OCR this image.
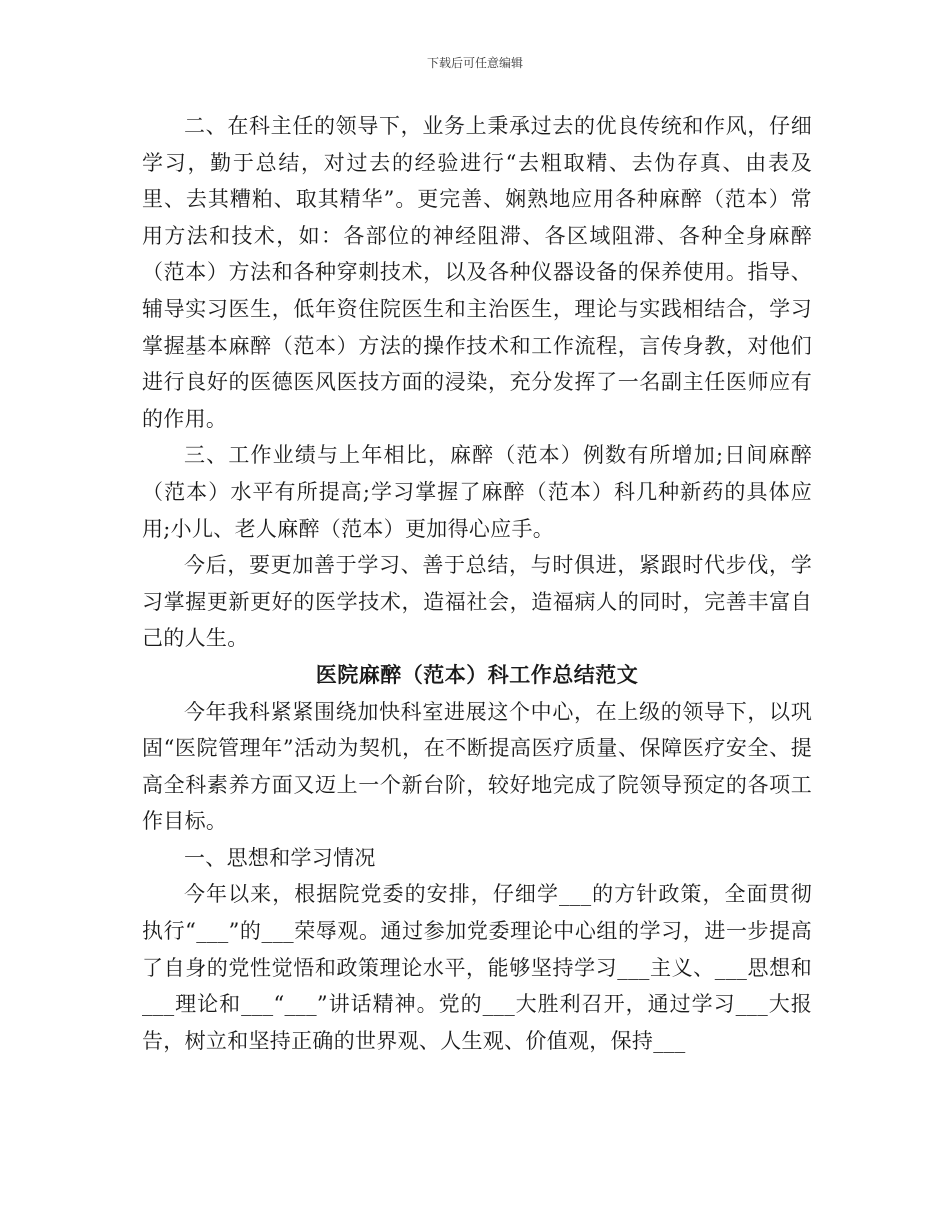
下载后可任意编辑

二、在科主任的领导下，业务上秉承过去的优良传统和作风，仔细学习，勤于总结，对过去的经验进行“去粗取精、去伪存真、由表及里、去其糟粕、取其精华”。更完善、娴熟地应用各种麻醉（范本）常用方法和技术，如：各部位的神经阻滞、各区域阻滞、各种全身麻醉（范本）方法和各种穿刺技术，以及各种仪器设备的保养使用。指导、辅导实习医生，低年资住院医生和主治医生，理论与实践相结合，学习掌握基本麻醉（范本）方法的操作技术和工作流程，言传身教，对他们进行良好的医德医风医技方面的浸染，充分发挥了一名副主任医师应有的作用。

三、工作业绩与上年相比，麻醉（范本）例数有所增加;日间麻醉（范本）水平有所提高;学习掌握了麻醉（范本）科几种新药的具体应用;小儿、老人麻醉（范本）更加得心应手。

今后，要更加善于学习、善于总结，与时俱进，紧跟时代步伐，学习掌握更新更好的医学技术，造福社会，造福病人的同时，完善丰富自己的人生。

医院麻醉（范本）科工作总结范文

今年我科紧紧围绕加快科室进展这个中心，在上级的领导下，以巩固“医院管理年”活动为契机，在不断提高医疗质量、保障医疗安全、提高全科素养方面又迈上一个新台阶，较好地完成了院领导预定的各项工作目标。

一、思想和学习情况

今年以来，根据院党委的安排，仔细学___的方针政策，全面贯彻执行“___”的___荣辱观。通过参加党委理论中心组的学习，进一步提高了自身的党性觉悟和政策理论水平，能够坚持学习___主义、___思想和___理论和___“___”讲话精神。党的___大胜利召开，通过学习___大报告，树立和坚持正确的世界观、人生观、价值观，保持___
